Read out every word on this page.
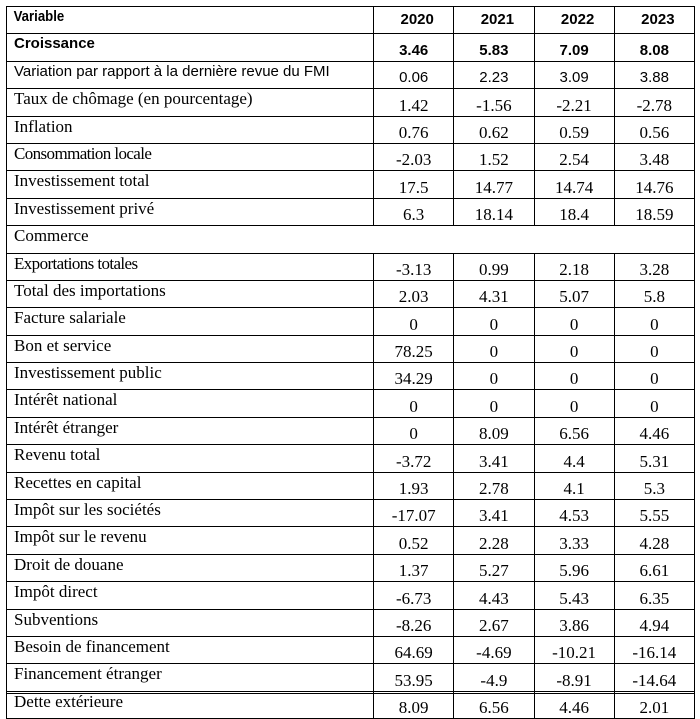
Variable	2020	2021	2022	2023
Croissance	3.46	5.83	7.09	8.08
Variation par rapport à la dernière revue du FMI	0.06	2.23	3.09	3.88
Taux de chômage (en pourcentage)	1.42	-1.56	-2.21	-2.78
Inflation	0.76	0.62	0.59	0.56
Consommation locale	-2.03	1.52	2.54	3.48
Investissement total	17.5	14.77	14.74	14.76
Investissement privé	6.3	18.14	18.4	18.59
Commerce				
Exportations totales	-3.13	0.99	2.18	3.28
Total des importations	2.03	4.31	5.07	5.8
Facture salariale	0	0	0	0
Bon et service	78.25	0	0	0
Investissement public	34.29	0	0	0
Intérêt national	0	0	0	0
Intérêt étranger	0	8.09	6.56	4.46
Revenu total	-3.72	3.41	4.4	5.31
Recettes en capital	1.93	2.78	4.1	5.3
Impôt sur les sociétés	-17.07	3.41	4.53	5.55
Impôt sur le revenu	0.52	2.28	3.33	4.28
Droit de douane	1.37	5.27	5.96	6.61
Impôt direct	-6.73	4.43	5.43	6.35
Subventions	-8.26	2.67	3.86	4.94
Besoin de financement	64.69	-4.69	-10.21	-16.14
Financement étranger	53.95	-4.9	-8.91	-14.64
Dette extérieure	8.09	6.56	4.46	2.01
